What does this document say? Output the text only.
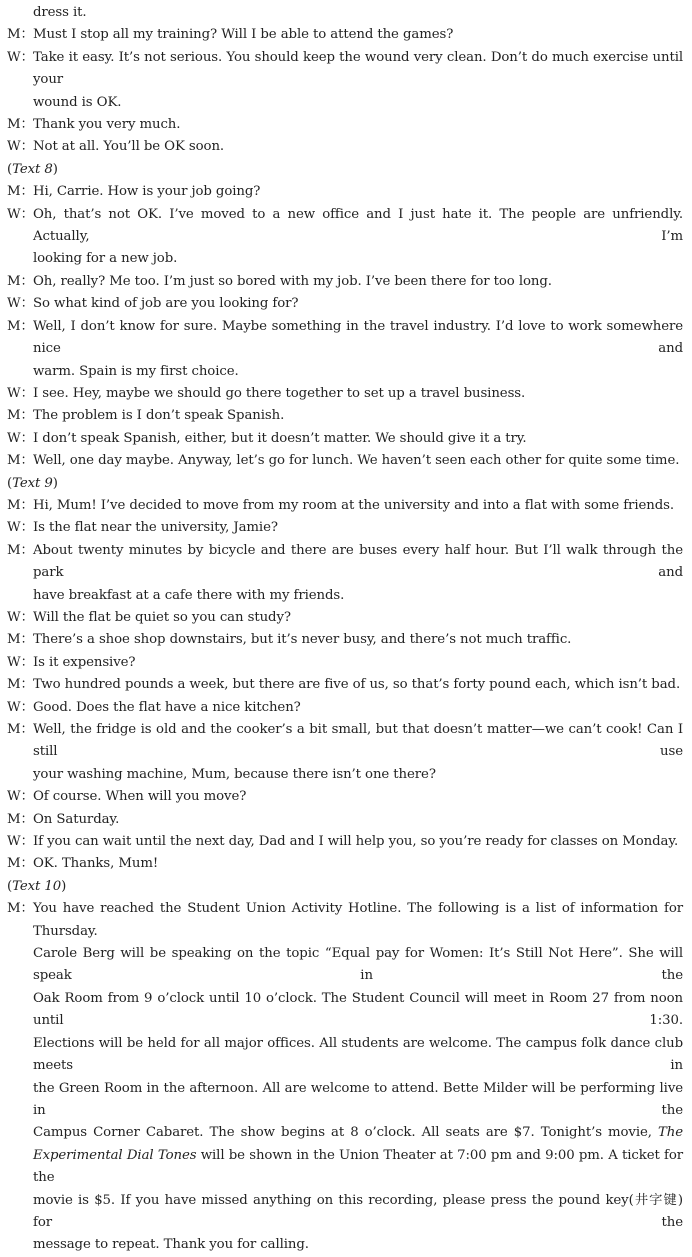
dress it.
M： Must I stop all my training? Will I be able to attend the games?
W： Take it easy. It’s not serious. You should keep the wound very clean. Don’t do much exercise until your
wound is OK.
M： Thank you very much.
W： Not at all. You’ll be OK soon.
(Text 8)
M： Hi, Carrie. How is your job going?
W： Oh, that’s not OK. I’ve moved to a new office and I just hate it. The people are unfriendly. Actually, I’m
looking for a new job.
M： Oh, really? Me too. I’m just so bored with my job. I’ve been there for too long.
W： So what kind of job are you looking for?
M： Well, I don’t know for sure. Maybe something in the travel industry. I’d love to work somewhere nice and
warm. Spain is my first choice.
W： I see. Hey, maybe we should go there together to set up a travel business.
M： The problem is I don’t speak Spanish.
W： I don’t speak Spanish, either, but it doesn’t matter. We should give it a try.
M： Well, one day maybe. Anyway, let’s go for lunch. We haven’t seen each other for quite some time.
(Text 9)
M： Hi, Mum! I’ve decided to move from my room at the university and into a flat with some friends.
W： Is the flat near the university, Jamie?
M： About twenty minutes by bicycle and there are buses every half hour. But I’ll walk through the park and
have breakfast at a cafe there with my friends.
W： Will the flat be quiet so you can study?
M： There’s a shoe shop downstairs, but it’s never busy, and there’s not much traffic.
W： Is it expensive?
M： Two hundred pounds a week, but there are five of us, so that’s forty pound each, which isn’t bad.
W： Good. Does the flat have a nice kitchen?
M： Well, the fridge is old and the cooker’s a bit small, but that doesn’t matter—we can’t cook! Can I still use
your washing machine, Mum, because there isn’t one there?
W： Of course. When will you move?
M： On Saturday.
W： If you can wait until the next day, Dad and I will help you, so you’re ready for classes on Monday.
M： OK. Thanks, Mum!
(Text 10)
M： You have reached the Student Union Activity Hotline. The following is a list of information for Thursday.
Carole Berg will be speaking on the topic “Equal pay for Women: It’s Still Not Here”. She will speak in the
Oak Room from 9 o’clock until 10 o’clock. The Student Council will meet in Room 27 from noon until 1:30.
Elections will be held for all major offices. All students are welcome. The campus folk dance club meets in
the Green Room in the afternoon. All are welcome to attend. Bette Milder will be performing live in the
Campus Corner Cabaret. The show begins at 8 o’clock. All seats are $7. Tonight’s movie, The
Experimental Dial Tones will be shown in the Union Theater at 7:00 pm and 9:00 pm. A ticket for the
movie is $5. If you have missed anything on this recording, please press the pound key(井字键) for the
message to repeat. Thank you for calling.
